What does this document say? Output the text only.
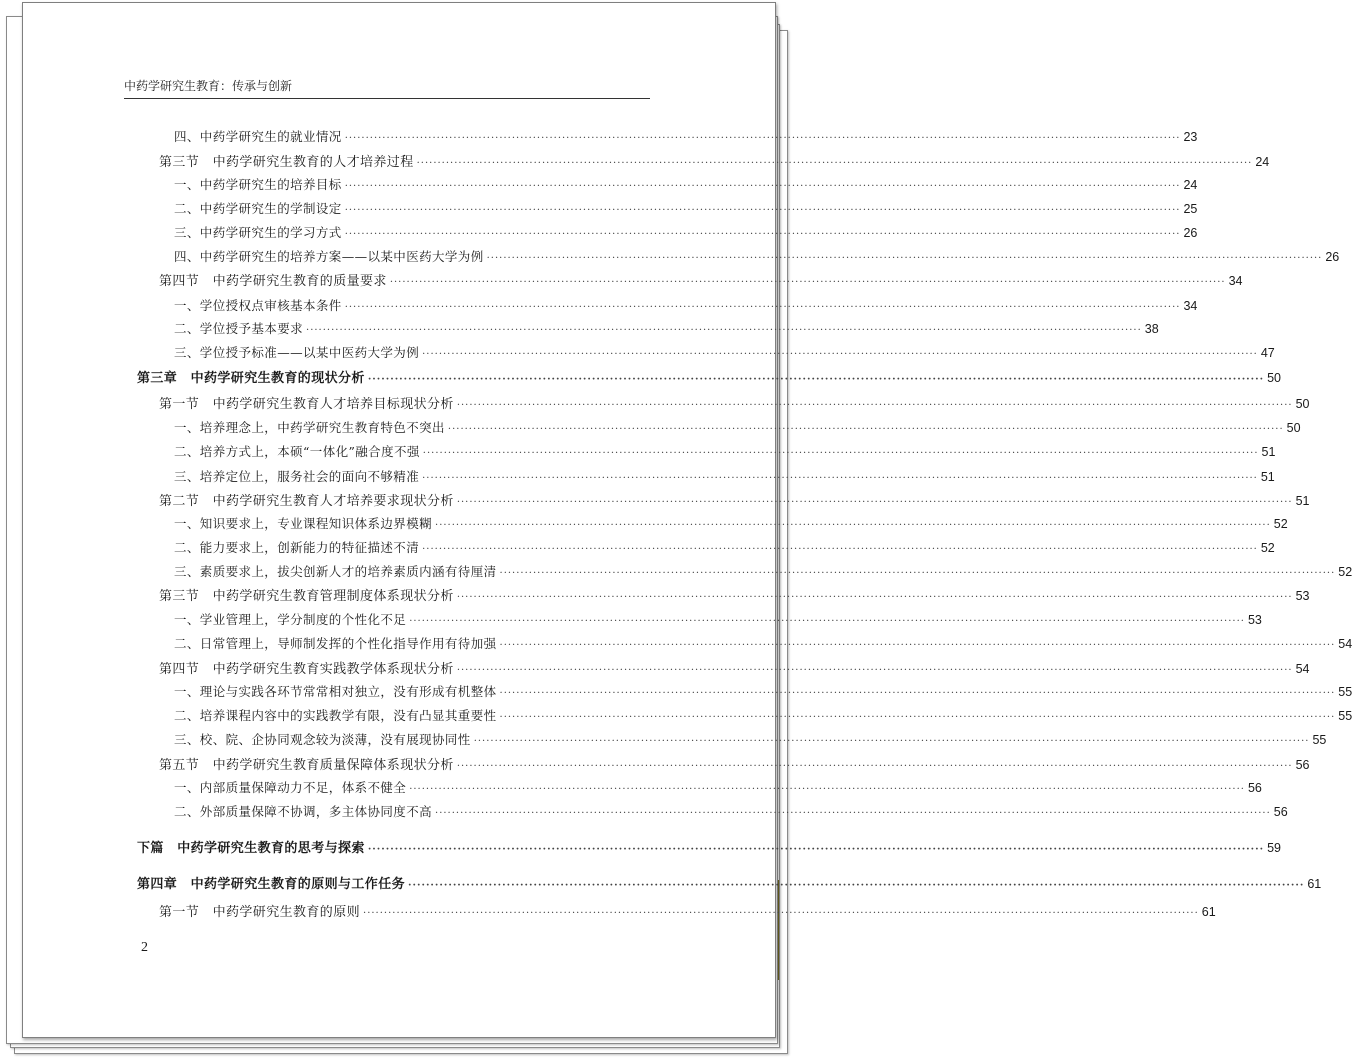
中药学研究生教育：传承与创新
四、中药学研究生的就业情况 ········································································································································································································ 23
第三节　中药学研究生教育的人才培养过程 ········································································································································································································ 24
一、中药学研究生的培养目标 ········································································································································································································ 24
二、中药学研究生的学制设定 ········································································································································································································ 25
三、中药学研究生的学习方式 ········································································································································································································ 26
四、中药学研究生的培养方案——以某中医药大学为例 ········································································································································································································ 26
第四节　中药学研究生教育的质量要求 ········································································································································································································ 34
一、学位授权点审核基本条件 ········································································································································································································ 34
二、学位授予基本要求 ········································································································································································································ 38
三、学位授予标准——以某中医药大学为例 ········································································································································································································ 47
第三章　中药学研究生教育的现状分析 ········································································································································································································ 50
第一节　中药学研究生教育人才培养目标现状分析 ········································································································································································································ 50
一、培养理念上，中药学研究生教育特色不突出 ········································································································································································································ 50
二、培养方式上，本硕“一体化”融合度不强 ········································································································································································································ 51
三、培养定位上，服务社会的面向不够精准 ········································································································································································································ 51
第二节　中药学研究生教育人才培养要求现状分析 ········································································································································································································ 51
一、知识要求上，专业课程知识体系边界模糊 ········································································································································································································ 52
二、能力要求上，创新能力的特征描述不清 ········································································································································································································ 52
三、素质要求上，拔尖创新人才的培养素质内涵有待厘清 ········································································································································································································ 52
第三节　中药学研究生教育管理制度体系现状分析 ········································································································································································································ 53
一、学业管理上，学分制度的个性化不足 ········································································································································································································ 53
二、日常管理上，导师制发挥的个性化指导作用有待加强 ········································································································································································································ 54
第四节　中药学研究生教育实践教学体系现状分析 ········································································································································································································ 54
一、理论与实践各环节常常相对独立，没有形成有机整体 ········································································································································································································ 55
二、培养课程内容中的实践教学有限，没有凸显其重要性 ········································································································································································································ 55
三、校、院、企协同观念较为淡薄，没有展现协同性 ········································································································································································································ 55
第五节　中药学研究生教育质量保障体系现状分析 ········································································································································································································ 56
一、内部质量保障动力不足，体系不健全 ········································································································································································································ 56
二、外部质量保障不协调，多主体协同度不高 ········································································································································································································ 56
下篇　中药学研究生教育的思考与探索 ········································································································································································································ 59
第四章　中药学研究生教育的原则与工作任务 ········································································································································································································ 61
第一节　中药学研究生教育的原则 ········································································································································································································ 61
2
